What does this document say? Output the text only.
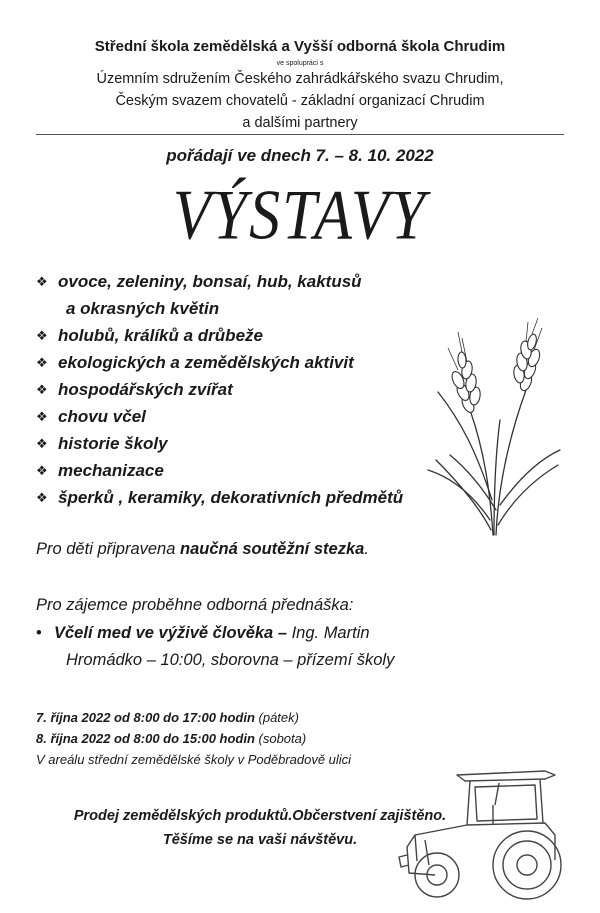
Střední škola zemědělská a Vyšší odborná škola Chrudim
ve spolupráci s
Územním sdružením Českého zahrádkářského svazu Chrudim,
Českým svazem chovatelů - základní organizací Chrudim
a dalšími partnery
pořádají ve dnech 7. – 8. 10. 2022
VÝSTAVY
❖ ovoce, zeleniny, bonsaí, hub, kaktusů
a okrasných květin
❖ holubů, králíků a drůbeže
❖ ekologických a zemědělských aktivit
❖ hospodářských zvířat
❖ chovu včel
❖ historie školy
❖ mechanizace
❖ šperků , keramiky, dekorativních předmětů
Pro děti připravena naučná soutěžní stezka.
Pro zájemce proběhne odborná přednáška:
• Včelí med ve výživě člověka – Ing. Martin
Hromádko – 10:00, sborovna – přízemí školy
7. října 2022 od 8:00 do 17:00 hodin (pátek)
8. října 2022 od 8:00 do 15:00 hodin (sobota)
V areálu střední zemědělské školy v Poděbradově ulici
Prodej zemědělských produktů.Občerstvení zajištěno.
Těšíme se na vaši návštěvu.
